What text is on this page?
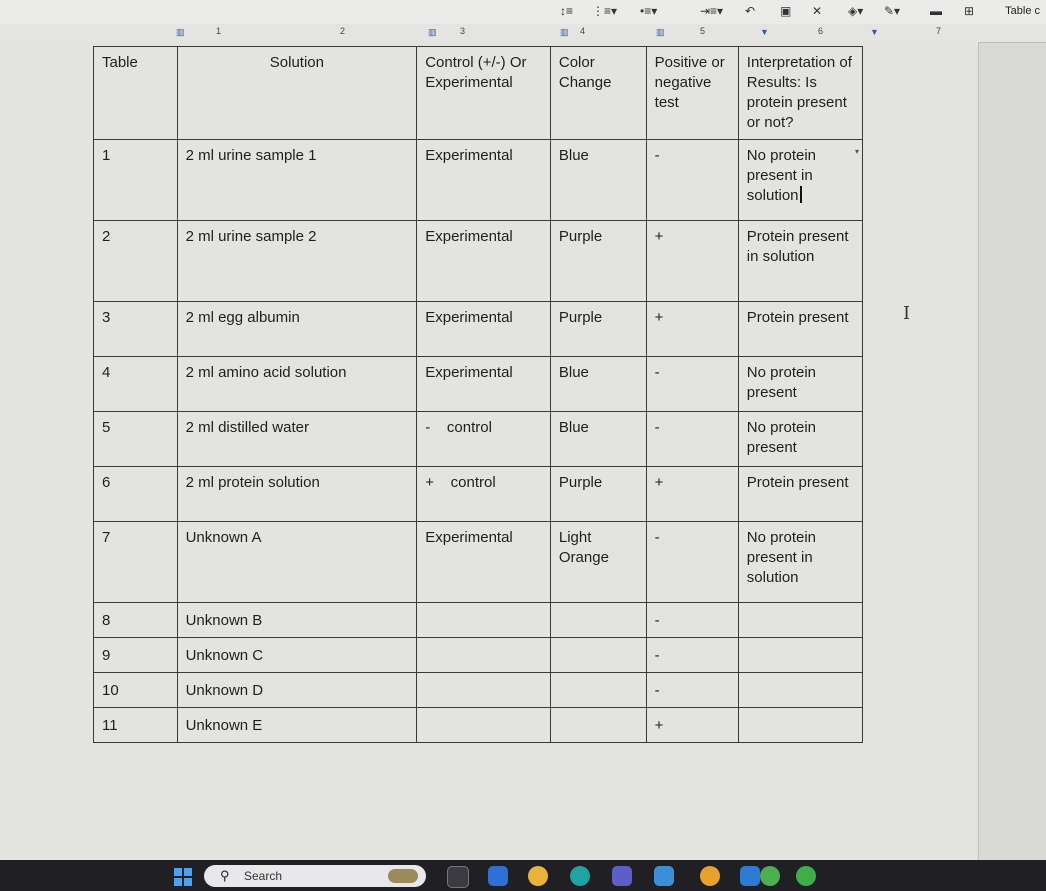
↕≡ ⋮≡▾ •≡▾	⇥≡▾ ↶ ▣ ✕ ◈▾ ✎▾ ▬ ⊞	Table c
1	2	3	4	5	6	7
▥	▥	▥	▥	▼	▼
Table	Solution	Control (+/-) Or Experimental	Color Change	Positive or negative test	Interpretation of Results: Is protein present or not?
1	2 ml urine sample 1	Experimental	Blue	-	No protein present in solution
▾

2	2 ml urine sample 2	Experimental	Purple	+	Protein present in solution
3	2 ml egg albumin	Experimental	Purple	+	Protein present
4	2 ml amino acid solution	Experimental	Blue	-	No protein present
5	2 ml distilled water	-    control	Blue	-	No protein present
6	2 ml protein solution	+    control	Purple	+	Protein present
7	Unknown A	Experimental	Light Orange	-	No protein present in solution
8	Unknown B			-	
9	Unknown C			-	
10	Unknown D			-	
11	Unknown E			+	
I
⚲ Search
